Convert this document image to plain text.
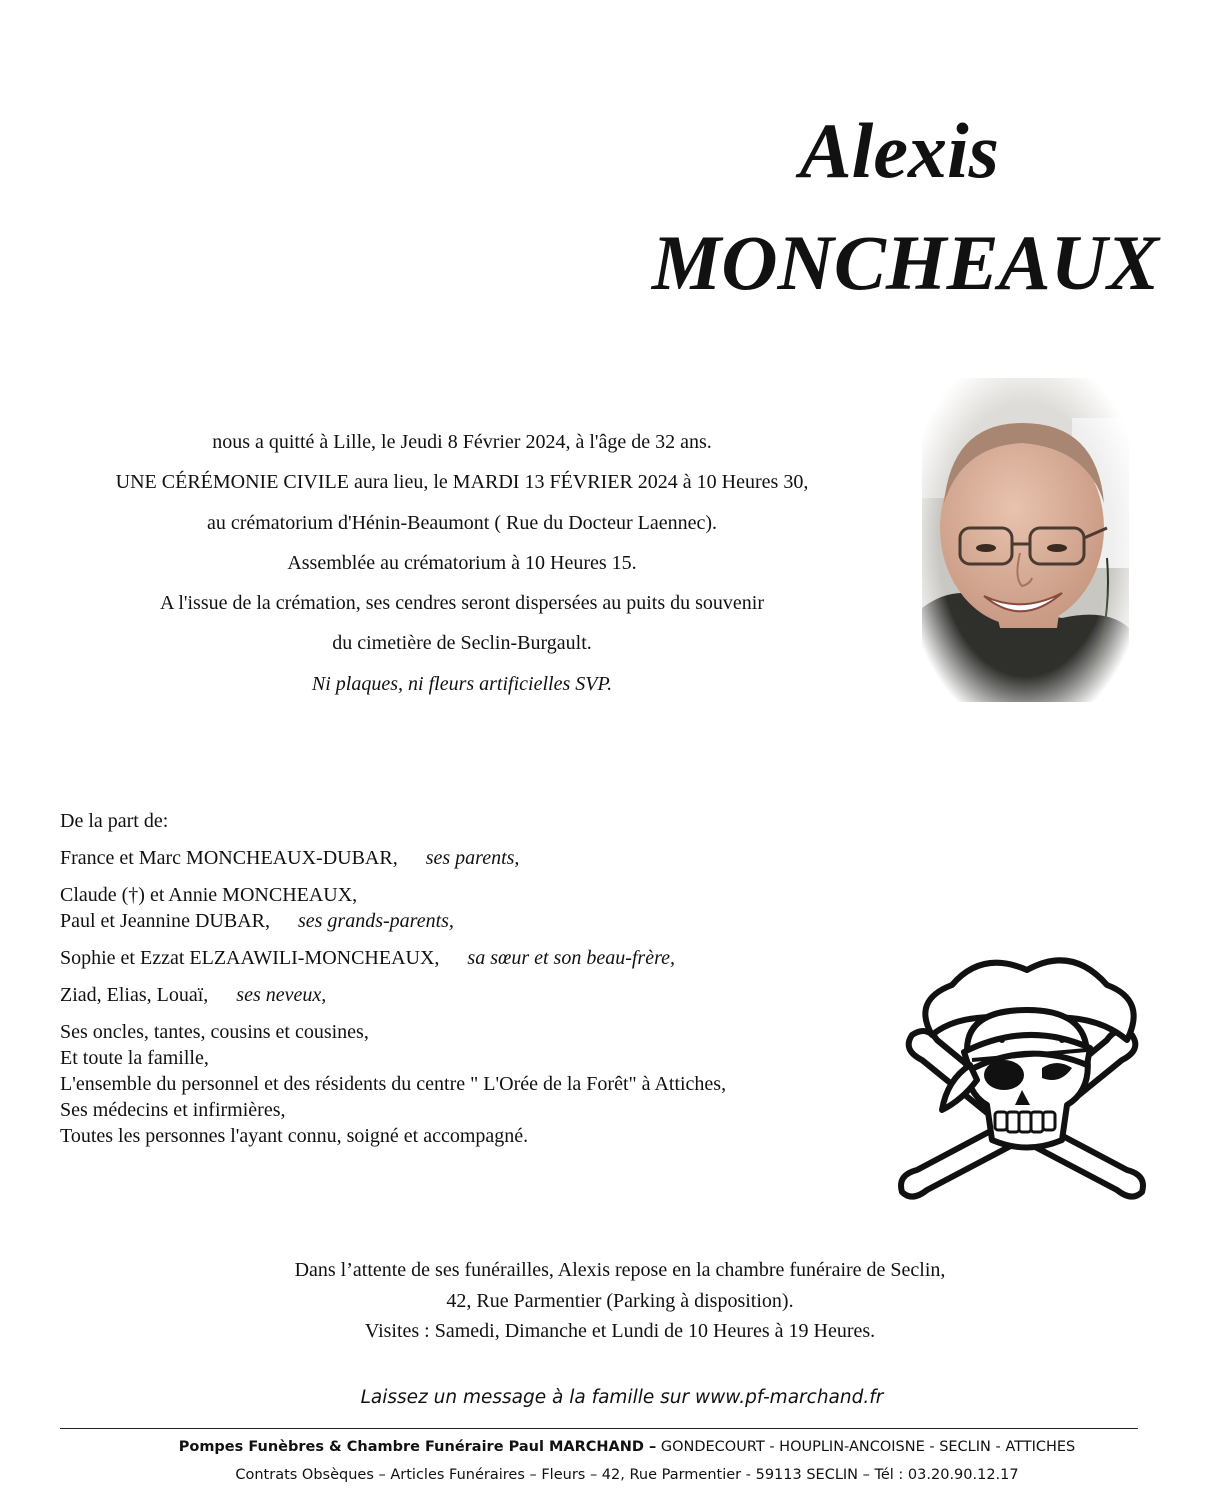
Alexis
MONCHEAUX
nous a quitté à Lille, le Jeudi 8 Février 2024, à l'âge de 32 ans.
UNE CÉRÉMONIE CIVILE aura lieu, le MARDI 13 FÉVRIER 2024 à 10 Heures 30,
au crématorium d'Hénin-Beaumont ( Rue du Docteur Laennec).
Assemblée au crématorium à 10 Heures 15.
A l'issue de la crémation, ses cendres seront dispersées au puits du souvenir
du cimetière de Seclin-Burgault.
Ni plaques, ni fleurs artificielles SVP.
De la part de:
France et Marc MONCHEAUX-DUBAR, ses parents,
Claude (†) et Annie MONCHEAUX,
Paul et Jeannine DUBAR, ses grands-parents,
Sophie et Ezzat ELZAAWILI-MONCHEAUX, sa sœur et son beau-frère,
Ziad, Elias, Louaï, ses neveux,
Ses oncles, tantes, cousins et cousines,
Et toute la famille,
L'ensemble du personnel et des résidents du centre " L'Orée de la Forêt" à Attiches,
Ses médecins et infirmières,
Toutes les personnes l'ayant connu, soigné et accompagné.
Dans l’attente de ses funérailles, Alexis repose en la chambre funéraire de Seclin,
42, Rue Parmentier (Parking à disposition).
Visites : Samedi, Dimanche et Lundi de 10 Heures à 19 Heures.
Laissez un message à la famille sur www.pf-marchand.fr
Pompes Funèbres & Chambre Funéraire Paul MARCHAND – GONDECOURT - HOUPLIN-ANCOISNE - SECLIN - ATTICHES
Contrats Obsèques – Articles Funéraires – Fleurs – 42, Rue Parmentier - 59113 SECLIN – Tél : 03.20.90.12.17
